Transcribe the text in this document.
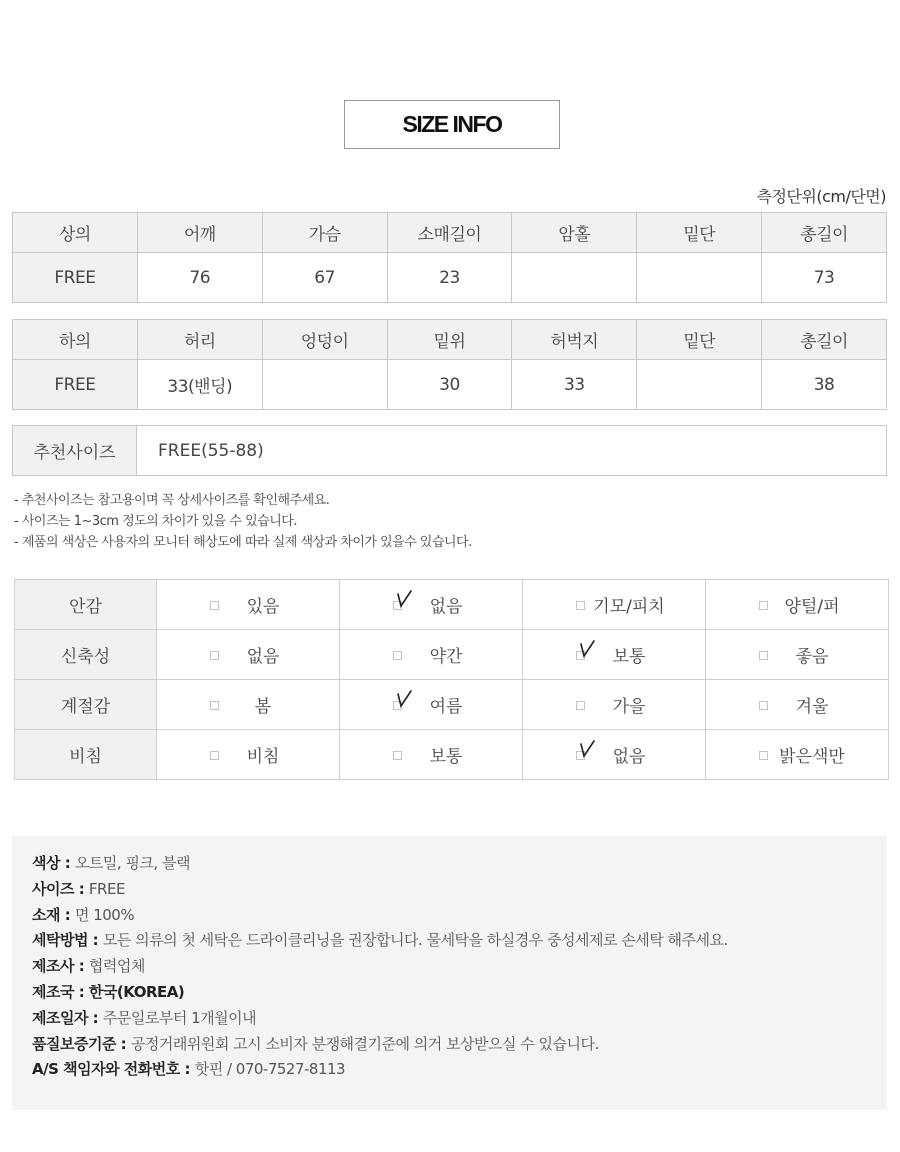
SIZE INFO
측정단위(cm/단면)
상의	어깨	가슴	소매길이	암홀	밑단	총길이
FREE	76	67	23			73
하의	허리	엉덩이	밑위	허벅지	밑단	총길이
FREE	33(밴딩)		30	33		38
추천사이즈	FREE(55-88)
- 추천사이즈는 참고용이며 꼭 상세사이즈를 확인해주세요.
- 사이즈는 1~3cm 정도의 차이가 있을 수 있습니다.
- 제품의 색상은 사용자의 모니터 해상도에 따라 실제 색상과 차이가 있을수 있습니다.
안감	있음	없음	기모/피치	양털/퍼

신축성	없음	약간	보통	좋음

계절감	봄	여름	가을	겨울

비침	비침	보통	없음	밝은색만
색상 : 오트밀, 핑크, 블랙
사이즈 : FREE
소재 : 면 100%
세탁방법 : 모든 의류의 첫 세탁은 드라이클리닝을 권장합니다. 물세탁을 하실경우 중성세제로 손세탁 해주세요.
제조사 : 협력업체
제조국 : 한국(KOREA)
제조일자 : 주문일로부터 1개월이내
품질보증기준 : 공정거래위원회 고시 소비자 분쟁해결기준에 의거 보상받으실 수 있습니다.
A/S 책임자와 전화번호 : 핫핀 / 070-7527-8113
